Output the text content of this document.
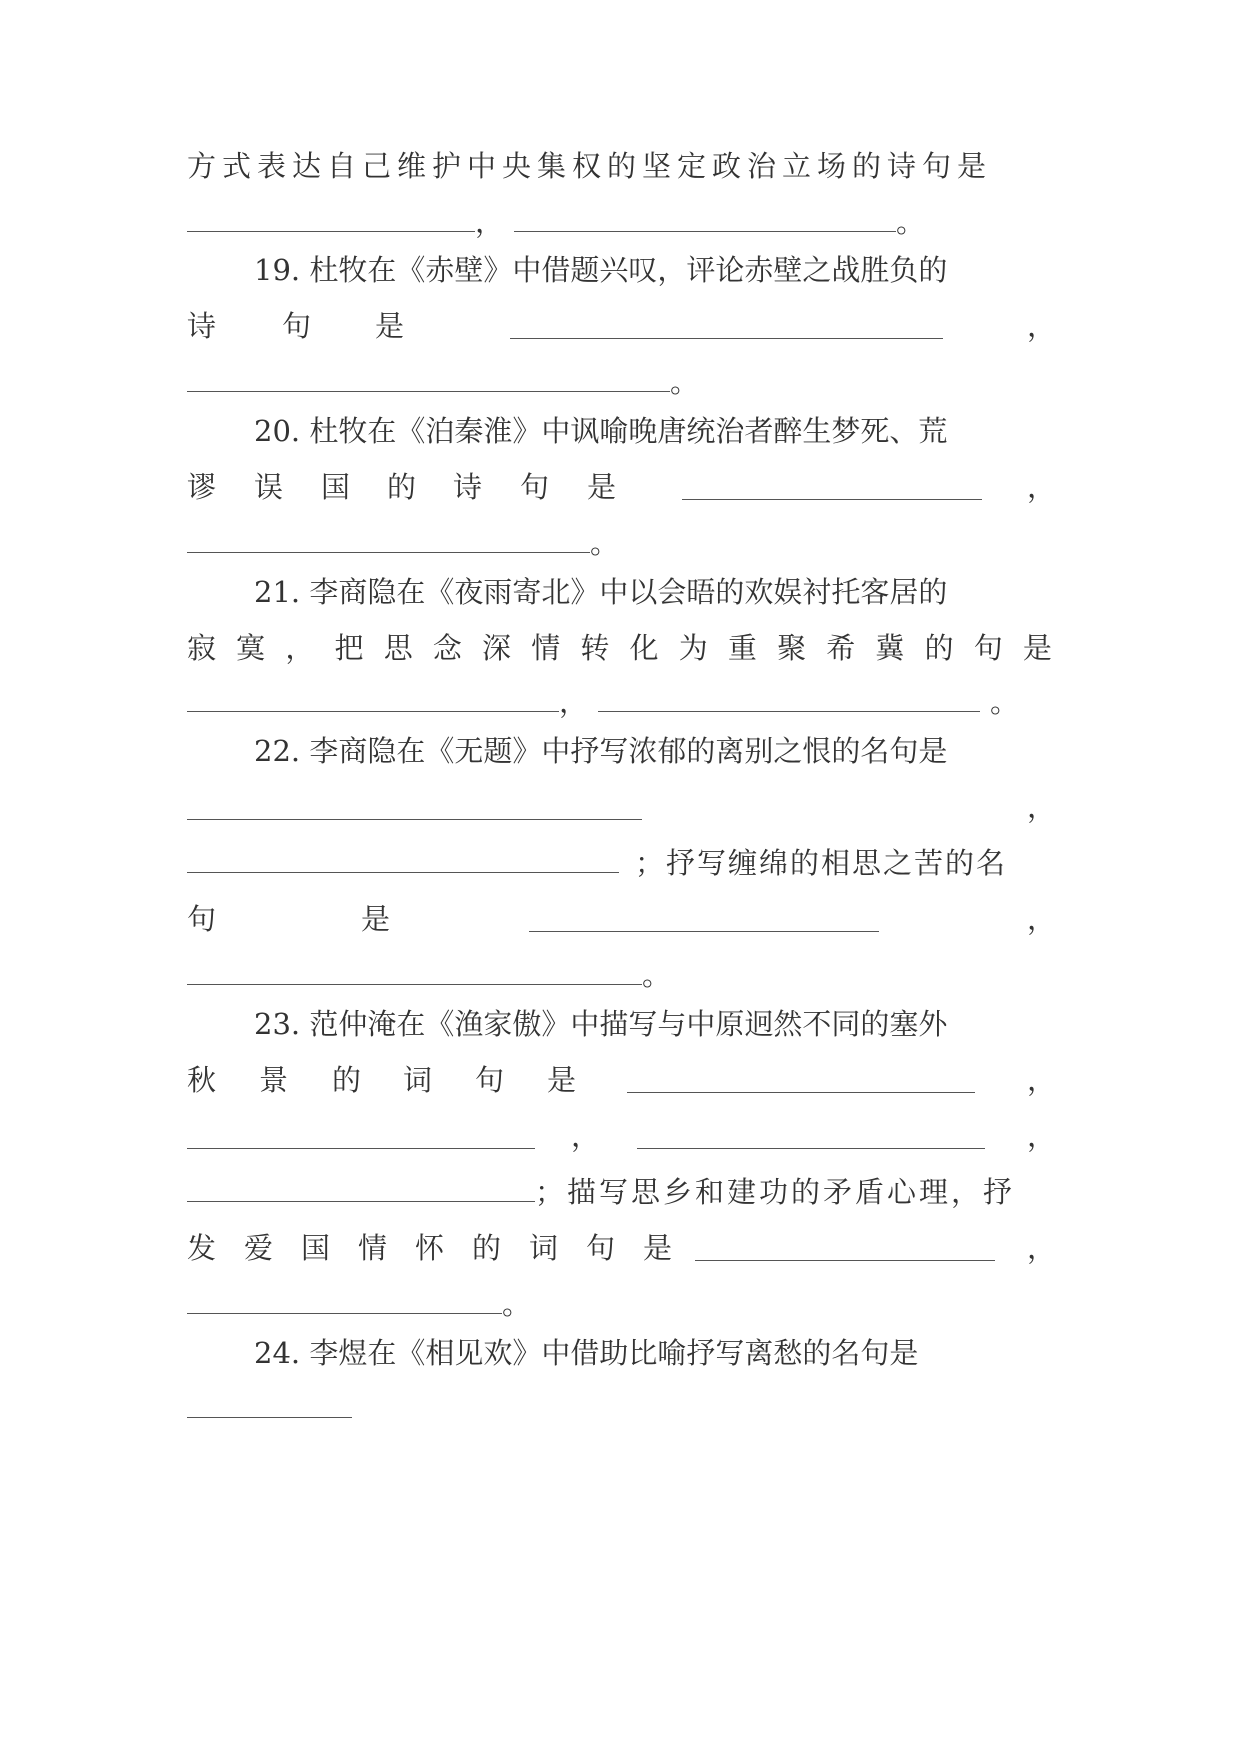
方式表达自己维护中央集权的坚定政治立场的诗句是
，	。
19. 杜牧在《赤壁》中借题兴叹，评论赤壁之战胜负的
诗 句 是	，
。
20. 杜牧在《泊秦淮》中讽喻晚唐统治者醉生梦死、荒
谬 误 国 的 诗 句 是	，
。
21. 李商隐在《夜雨寄北》中以会晤的欢娱衬托客居的
寂 寞 ， 把 思 念 深 情 转 化 为 重 聚 希 冀 的 句 是
，	。
22. 李商隐在《无题》中抒写浓郁的离别之恨的名句是
，
；抒写缠绵的相思之苦的名
句	是	，
。
23. 范仲淹在《渔家傲》中描写与中原迥然不同的塞外
秋 景 的 词 句 是	，
，	，
；描写思乡和建功的矛盾心理，抒
发 爱 国 情 怀 的 词 句 是	，
。
24. 李煜在《相见欢》中借助比喻抒写离愁的名句是
